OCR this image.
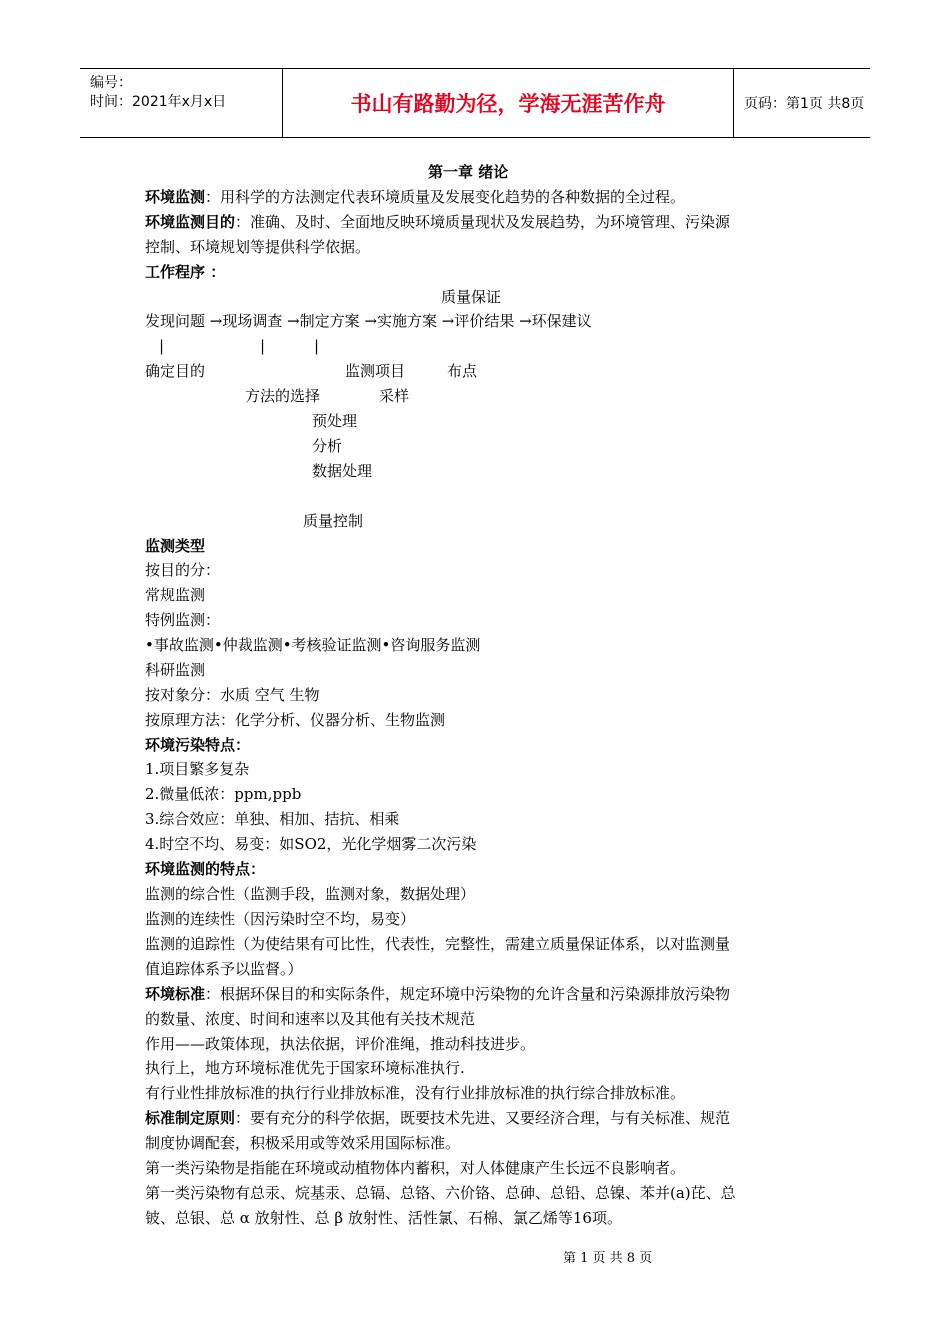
编号：
时间：2021年x月x日	书山有路勤为径，学海无涯苦作舟	页码：第1页 共8页
第一章 绪论
环境监测：用科学的方法测定代表环境质量及发展变化趋势的各种数据的全过程。
环境监测目的：准确、及时、全面地反映环境质量现状及发展趋势，为环境管理、污染源
控制、环境规划等提供科学依据。
工作程序 ：
质量保证
发现问题 →现场调查 →制定方案 →实施方案 →评价结果 →环保建议
|	|	|
确定目的	监测项目	布点
方法的选择	采样
预处理
分析
数据处理
质量控制
监测类型
按目的分：
常规监测
特例监测：
•事故监测•仲裁监测•考核验证监测•咨询服务监测
科研监测
按对象分：水质 空气 生物
按原理方法：化学分析、仪器分析、生物监测
环境污染特点：
1.项目繁多复杂
2.微量低浓：ppm,ppb
3.综合效应：单独、相加、拮抗、相乘
4.时空不均、易变：如SO2，光化学烟雾二次污染
环境监测的特点：
监测的综合性（监测手段，监测对象，数据处理）
监测的连续性（因污染时空不均，易变）
监测的追踪性（为使结果有可比性，代表性，完整性，需建立质量保证体系，以对监测量
值追踪体系予以监督。）
环境标准：根据环保目的和实际条件，规定环境中污染物的允许含量和污染源排放污染物
的数量、浓度、时间和速率以及其他有关技术规范
作用——政策体现，执法依据，评价准绳，推动科技进步。
执行上，地方环境标准优先于国家环境标准执行.
有行业性排放标准的执行行业排放标准，没有行业排放标准的执行综合排放标准。
标准制定原则：要有充分的科学依据，既要技术先进、又要经济合理，与有关标准、规范
制度协调配套，积极采用或等效采用国际标准。
第一类污染物是指能在环境或动植物体内蓄积，对人体健康产生长远不良影响者。
第一类污染物有总汞、烷基汞、总镉、总铬、六价铬、总砷、总铅、总镍、苯并(a)芘、总
铍、总银、总 α 放射性、总 β 放射性、活性氯、石棉、氯乙烯等16项。
第 1 页 共 8 页
